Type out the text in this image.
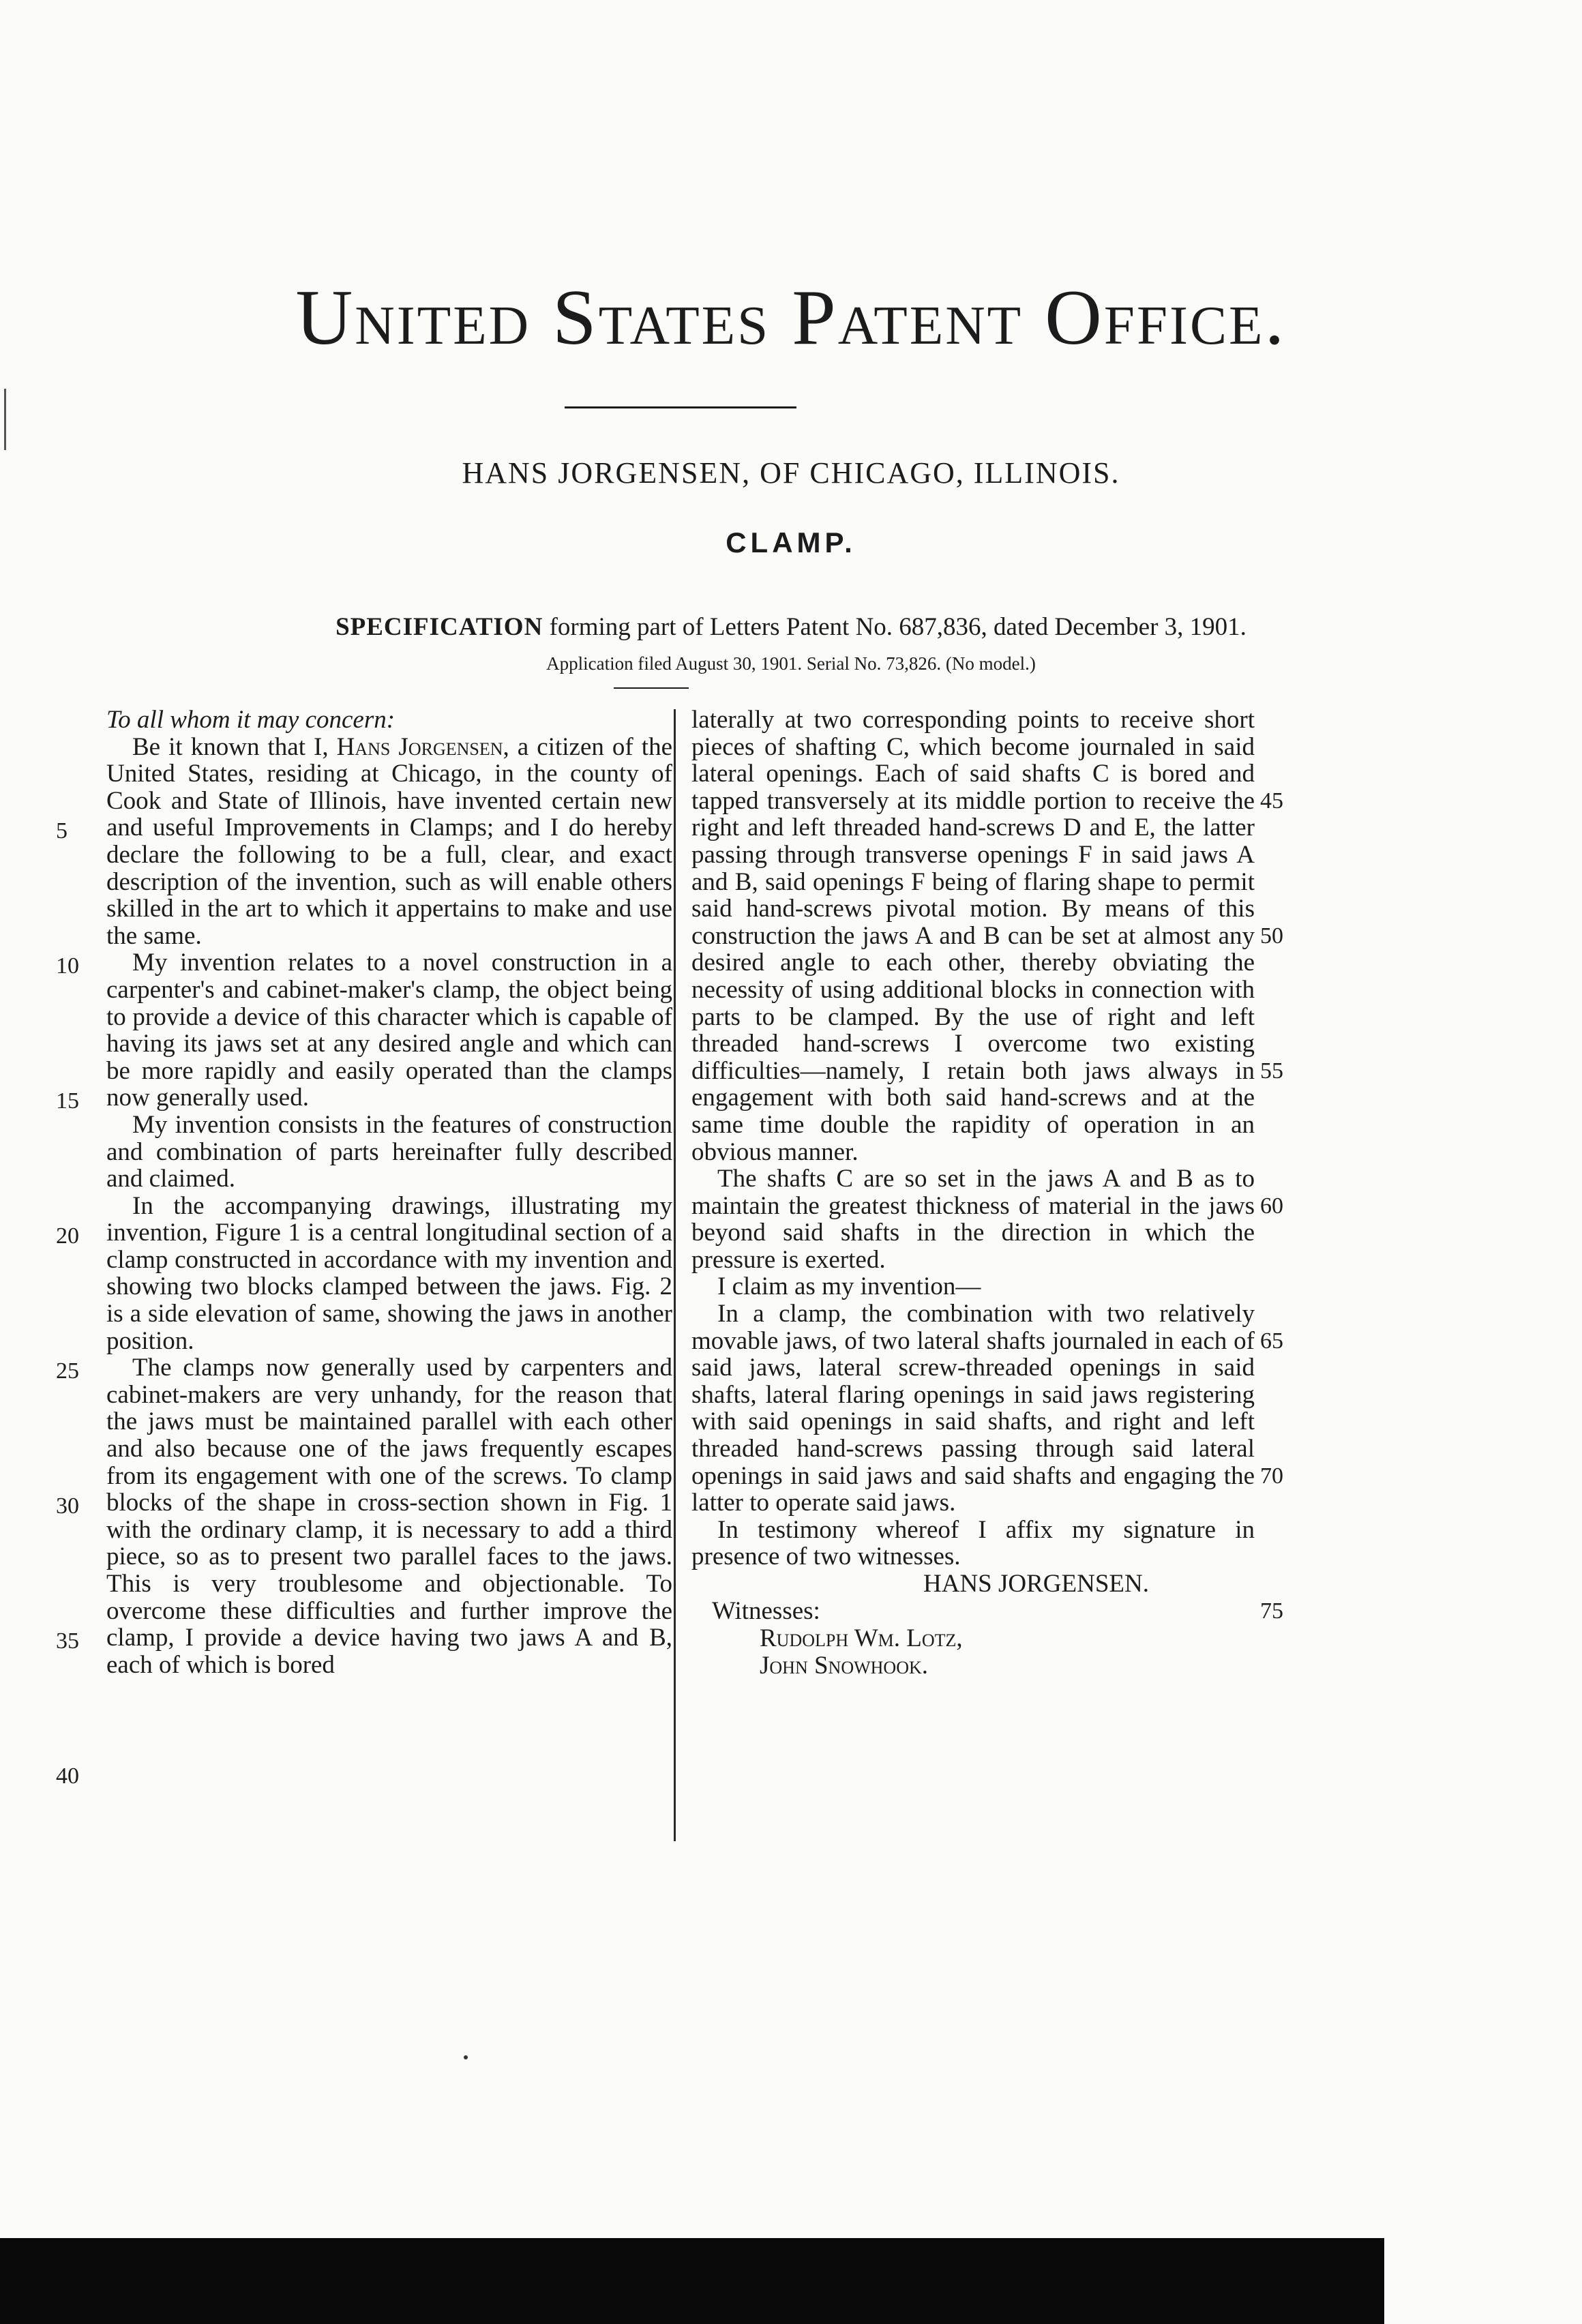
United States Patent Office.
HANS JORGENSEN, OF CHICAGO, ILLINOIS.
CLAMP.
SPECIFICATION forming part of Letters Patent No. 687,836, dated December 3, 1901.
Application filed August 30, 1901. Serial No. 73,826. (No model.)

To all whom it may concern:

Be it known that I, Hans Jorgensen, a citizen of the United States, residing at Chicago, in the county of Cook and State of Illinois, have invented certain new and useful Improvements in Clamps; and I do hereby declare the following to be a full, clear, and exact description of the invention, such as will enable others skilled in the art to which it appertains to make and use the same.

My invention relates to a novel construction in a carpenter's and cabinet-maker's clamp, the object being to provide a device of this character which is capable of having its jaws set at any desired angle and which can be more rapidly and easily operated than the clamps now generally used.

My invention consists in the features of construction and combination of parts hereinafter fully described and claimed.

In the accompanying drawings, illustrating my invention, Figure 1 is a central longitudinal section of a clamp constructed in accordance with my invention and showing two blocks clamped between the jaws. Fig. 2 is a side elevation of same, showing the jaws in another position.

The clamps now generally used by carpenters and cabinet-makers are very unhandy, for the reason that the jaws must be maintained parallel with each other and also because one of the jaws frequently escapes from its engagement with one of the screws. To clamp blocks of the shape in cross-section shown in Fig. 1 with the ordinary clamp, it is necessary to add a third piece, so as to present two parallel faces to the jaws. This is very troublesome and objectionable. To overcome these difficulties and further improve the clamp, I provide a device having two jaws A and B, each of which is bored

laterally at two corresponding points to receive short pieces of shafting C, which become journaled in said lateral openings. Each of said shafts C is bored and tapped transversely at its middle portion to receive the right and left threaded hand-screws D and E, the latter passing through transverse openings F in said jaws A and B, said openings F being of flaring shape to permit said hand-screws pivotal motion. By means of this construction the jaws A and B can be set at almost any desired angle to each other, thereby obviating the necessity of using additional blocks in connection with parts to be clamped. By the use of right and left threaded hand-screws I overcome two existing difficulties—namely, I retain both jaws always in engagement with both said hand-screws and at the same time double the rapidity of operation in an obvious manner.

The shafts C are so set in the jaws A and B as to maintain the greatest thickness of material in the jaws beyond said shafts in the direction in which the pressure is exerted.

I claim as my invention—

In a clamp, the combination with two relatively movable jaws, of two lateral shafts journaled in each of said jaws, lateral screw-threaded openings in said shafts, lateral flaring openings in said jaws registering with said openings in said shafts, and right and left threaded hand-screws passing through said lateral openings in said jaws and said shafts and engaging the latter to operate said jaws.

In testimony whereof I affix my signature in presence of two witnesses.

HANS JORGENSEN.
Witnesses:
Rudolph Wm. Lotz,
John Snowhook.
5
10
15
20
25
30
35
40
45
50
55
60
65
70
75
